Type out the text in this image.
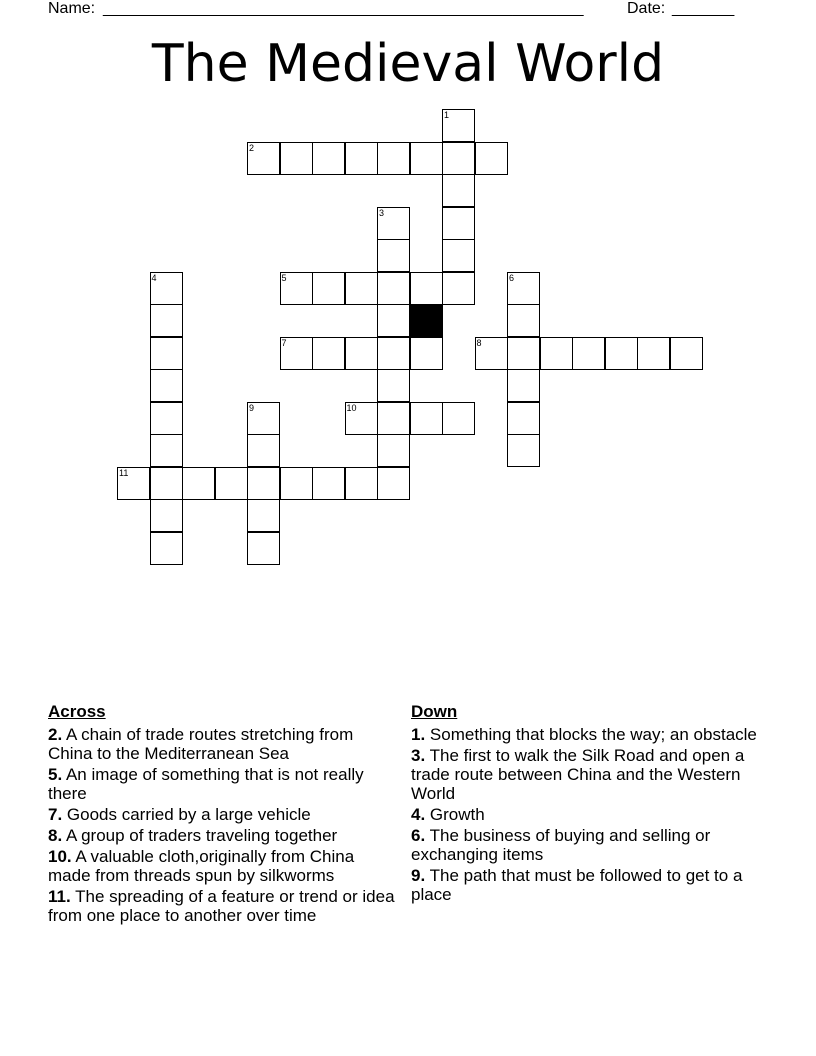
Name: ______________________________________________________	Date: _______
The Medieval World
1
2
3
4	5	6
7	8
9	10
11
Across
2. A chain of trade routes stretching from China to the Mediterranean Sea
5. An image of something that is not really there
7. Goods carried by a large vehicle
8. A group of traders traveling together
10. A valuable cloth,originally from China made from threads spun by silkworms
11. The spreading of a feature or trend or idea from one place to another over time
Down
1. Something that blocks the way; an obstacle
3. The first to walk the Silk Road and open a trade route between China and the Western World
4. Growth
6. The business of buying and selling or exchanging items
9. The path that must be followed to get to a place
